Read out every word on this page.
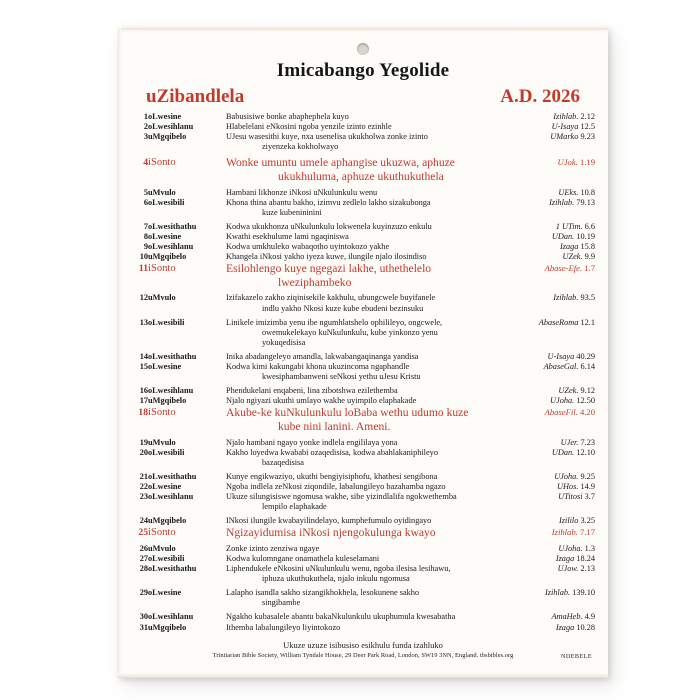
Imicabango Yegolide
uZibandlela	A.D. 2026
1	oLwesine	Babusisiwe bonke abaphephela kuyo	Izihlab. 2.12
2	oLwesihlanu	Hlabelelani eNkosini ngoba yenzile izinto ezinhle	U-Isaya 12.5
3	uMgqibelo	UJesu wasesithi kuye, nxa usenelisa ukukholwa zonke izinto
ziyenzeka kokholwayo	UMarko 9.23

4	iSonto	Wonke umuntu umele aphangise ukuzwa, aphuze
ukukhuluma, aphuze ukuthukuthela	UJok. 1.19

5	uMvulo	Hambani likhonze iNkosi uNkulunkulu wenu	UEks. 10.8
6	oLwesibili	Khona thina abantu bakho, izimvu zedlelo lakho sizakubonga
kuze kubenininini	Izihlab. 79.13

7	oLwesithathu	Kodwa ukukhonza uNkulunkulu lokwenela kuyinzuzo enkulu	1 UTim. 6.6
8	oLwesine	Kwathi esekhulume lami ngaqiniswa	UDan. 10.19
9	oLwesihlanu	Kodwa umkhuleko wabaqotho uyintokozo yakhe	Izaga 15.8
10	uMgqibelo	Khangela iNkosi yakho iyeza kuwe, ilungile njalo ilosindiso	UZek. 9.9
11	iSonto	Esilohlengo kuye ngegazi lakhe, uthethelelo
lweziphambeko	Abase-Efe. 1.7

12	uMvulo	Izifakazelo zakho ziqinisekile kakhulu, ubungcwele buyifanele
indlu yakho Nkosi kuze kube ebudeni bezinsuku	Izihlab. 93.5

13	oLwesibili	Linikele imizimba yenu ibe ngumhlatshelo ophilileyo, ongcwele,
owemukelekayo kuNkulunkulu, kube yinkonzo yenu
yokuqedisisa	AbaseRoma 12.1

14	oLwesithathu	Inika abadangeleyo amandla, lakwabangaqinanga yandisa	U-Isaya 40.29
15	oLwesine	Kodwa kimi kakungabi khona ukuzincoma ngaphandle
kwesiphambanweni seNkosi yethu uJesu Kristu	AbaseGal. 6.14

16	oLwesihlanu	Phendukelani enqabeni, lina zibotshwa ezilethemba	UZek. 9.12
17	uMgqibelo	Njalo ngiyazi ukuthi umlayo wakhe uyimpilo elaphakade	UJoha. 12.50
18	iSonto	Akube-ke kuNkulunkulu loBaba wethu udumo kuze
kube nini lanini. Ameni.	AbaseFil. 4.20

19	uMvulo	Njalo hambani ngayo yonke indlela engililaya yona	UJer. 7.23
20	oLwesibili	Kakho loyedwa kwababi ozaqedisisa, kodwa abahlakaniphileyo
bazaqedisisa	UDan. 12.10

21	oLwesithathu	Kunye engikwaziyo, ukuthi bengiyisiphofu, khathesi sengibona	UJoha. 9.25
22	oLwesine	Ngoba indlela zeNkosi ziqondile, labalungileyo bazahamba ngazo	UHos. 14.9
23	oLwesihlanu	Ukuze silungisiswe ngomusa wakhe, sibe yizindlalifa ngokwethemba
lempilo elaphakade	UTitosi 3.7

24	uMgqibelo	INkosi ilungile kwabayilindelayo, kumphefumulo oyidingayo	Izililo 3.25
25	iSonto	Ngizayidumisa iNkosi njengokulunga kwayo	Izihlab. 7.17

26	uMvulo	Zonke izinto zenziwa ngaye	UJoha. 1.3
27	oLwesibili	Kodwa kulomngane onamathela kuleselamani	Izaga 18.24
28	oLwesithathu	Liphendukele eNkosini uNkulunkulu wenu, ngoba ilesisa lesihawu,
iphuza ukuthukuthela, njalo inkulu ngomusa	UJow. 2.13

29	oLwesine	Lalapho isandla sakho sizangikhokhela, lesokunene sakho
singibambe	Izihlab. 139.10

30	oLwesihlanu	Ngakho kubasalele abantu bakaNkulunkulu ukuphumula kwesabatha	AmaHeb. 4.9
31	uMgqibelo	Ithemba labalungileyo liyintokozo	Izaga 10.28
Ukuze uzuze isibusiso esikhulu funda izahluko
Trinitarian Bible Society, William Tyndale House, 29 Deer Park Road, London, SW19 3NN, England. tbsbibles.org	NDEBELE
